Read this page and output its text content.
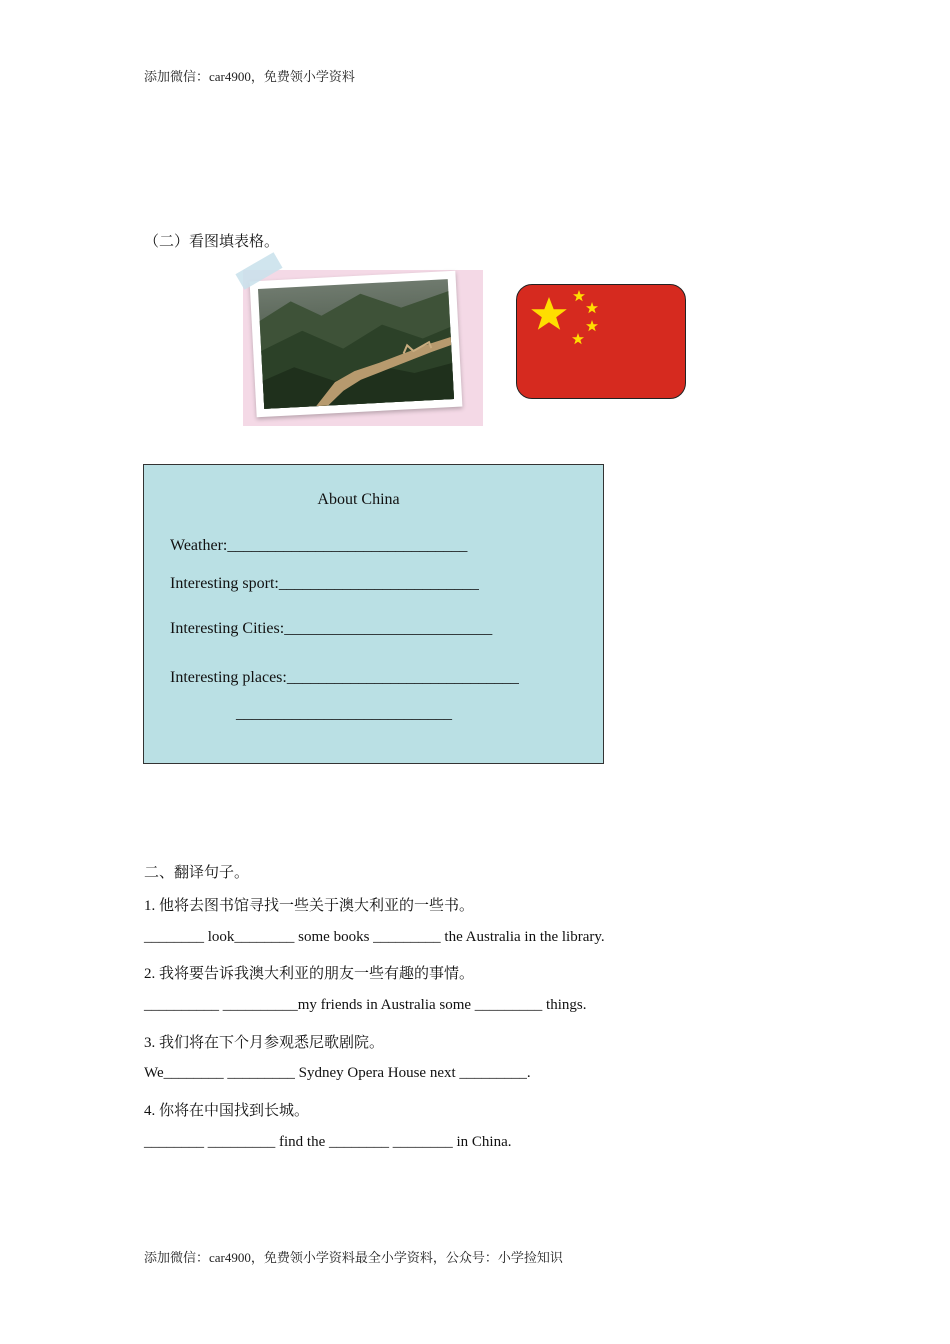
添加微信：car4900，免费领小学资料
（二）看图填表格。
About China
Weather:______________________________
Interesting sport:_________________________
Interesting Cities:__________________________
Interesting places:_____________________________
___________________________
二、翻译句子。
1. 他将去图书馆寻找一些关于澳大利亚的一些书。
________ look________ some books _________ the Australia in the library.
2. 我将要告诉我澳大利亚的朋友一些有趣的事情。
__________ __________my friends in Australia some _________ things.
3. 我们将在下个月参观悉尼歌剧院。
We________ _________ Sydney Opera House next _________.
4. 你将在中国找到长城。
________ _________ find the ________ ________ in China.
添加微信：car4900，免费领小学资料最全小学资料，公众号：小学捡知识
